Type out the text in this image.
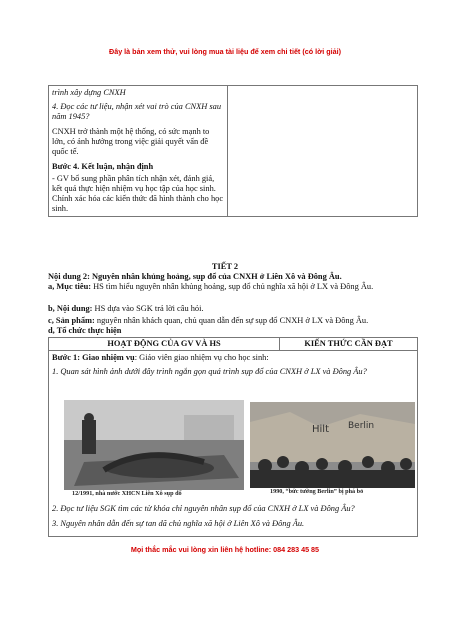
Đây là bản xem thử, vui lòng mua tài liệu để xem chi tiết (có lời giải)

trình xây dựng CNXH

4. Đọc các tư liệu, nhận xét vai trò của CNXH sau năm 1945?

CNXH trở thành một hệ thống, có sức mạnh to lớn, có ảnh hưởng trong việc giải quyết vấn đề quốc tế.

Bước 4. Kết luận, nhận định

- GV bổ sung phần phân tích nhận xét, đánh giá, kết quả thực hiện nhiệm vụ học tập của học sinh. Chính xác hóa các kiến thức đã hình thành cho học sinh.

TIẾT 2
Nội dung 2: Nguyên nhân khủng hoảng, sụp đổ của CNXH ở Liên Xô và Đông Âu.
a, Mục tiêu: HS tìm hiểu nguyên nhân khủng hoảng, sụp đổ chủ nghĩa xã hội ở LX và Đông Âu.
b, Nội dung: HS dựa vào SGK trả lời câu hỏi.
c, Sản phẩm: nguyên nhân khách quan, chủ quan dẫn đến sự sụp đổ CNXH ở LX và Đông Âu.
d, Tổ chức thực hiện
HOẠT ĐỘNG CỦA GV VÀ HS	KIẾN THỨC CẦN ĐẠT

Bước 1: Giao nhiệm vụ: Giáo viên giao nhiệm vụ cho học sinh:
1. Quan sát hình ảnh dưới đây trình ngắn gọn quá trình sụp đổ của CNXH ở LX và Đông Âu?
12/1991, nhà nước XHCN Liên Xô sụp đổ
Hilt Berlin
1990, “bức tường Berlin” bị phá bỏ
2. Đọc tư liệu SGK tìm các từ khóa chỉ nguyên nhân sụp đổ của CNXH ở LX và Đông Âu?
3. Nguyên nhân dẫn đến sự tan dã chủ nghĩa xã hội ở Liên Xô và Đông Âu.
Mọi thắc mắc vui lòng xin liên hệ hotline: 084 283 45 85
